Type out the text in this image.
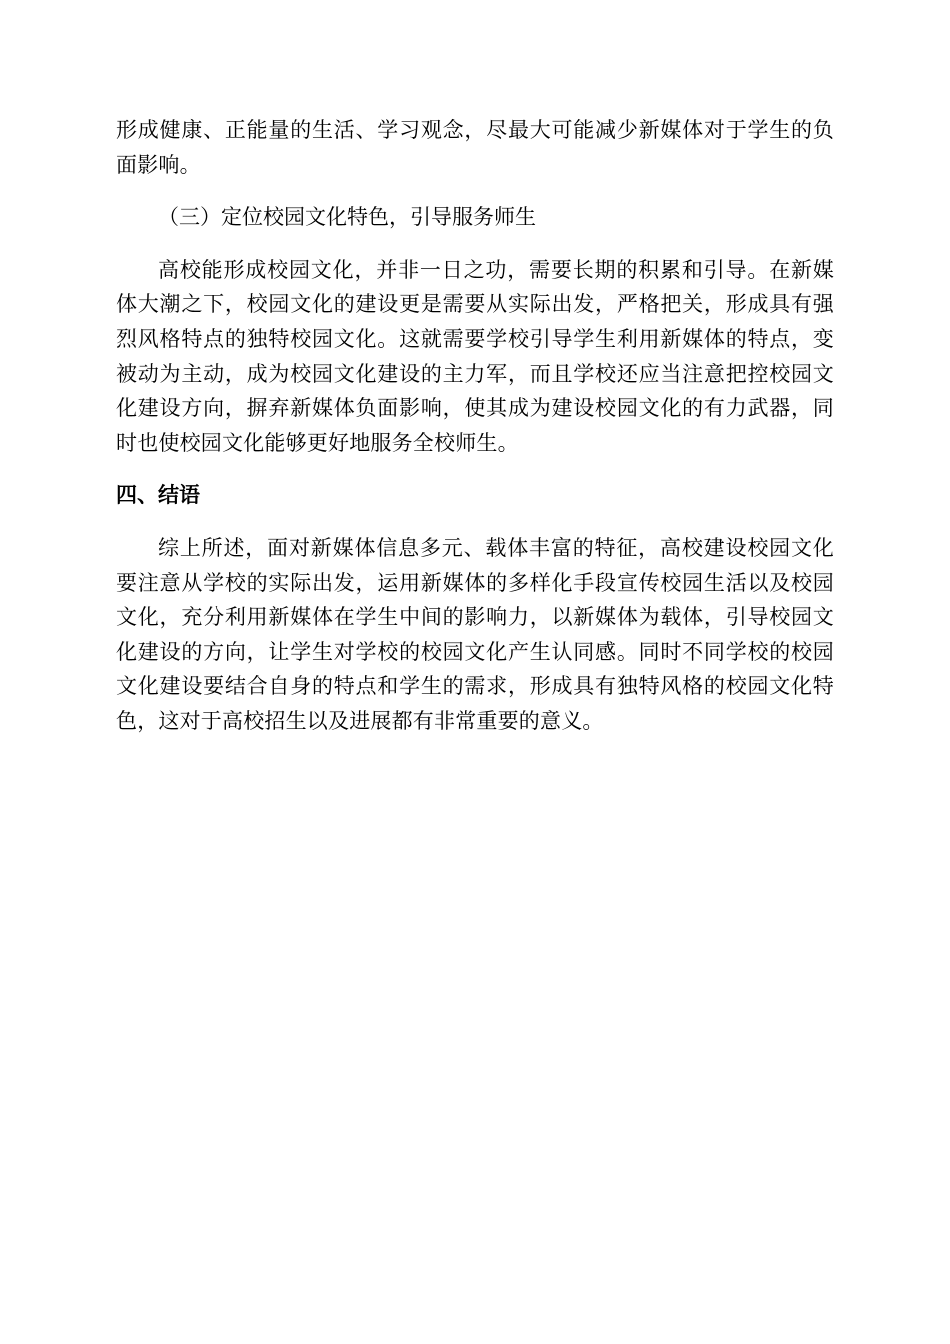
形成健康、正能量的生活、学习观念，尽最大可能减少新媒体对于学生的负面影响。

（三）定位校园文化特色，引导服务师生

高校能形成校园文化，并非一日之功，需要长期的积累和引导。在新媒体大潮之下，校园文化的建设更是需要从实际出发，严格把关，形成具有强烈风格特点的独特校园文化。这就需要学校引导学生利用新媒体的特点，变被动为主动，成为校园文化建设的主力军，而且学校还应当注意把控校园文化建设方向，摒弃新媒体负面影响，使其成为建设校园文化的有力武器，同时也使校园文化能够更好地服务全校师生。

四、结语

综上所述，面对新媒体信息多元、载体丰富的特征，高校建设校园文化要注意从学校的实际出发，运用新媒体的多样化手段宣传校园生活以及校园文化，充分利用新媒体在学生中间的影响力，以新媒体为载体，引导校园文化建设的方向，让学生对学校的校园文化产生认同感。同时不同学校的校园文化建设要结合自身的特点和学生的需求，形成具有独特风格的校园文化特色，这对于高校招生以及进展都有非常重要的意义。
